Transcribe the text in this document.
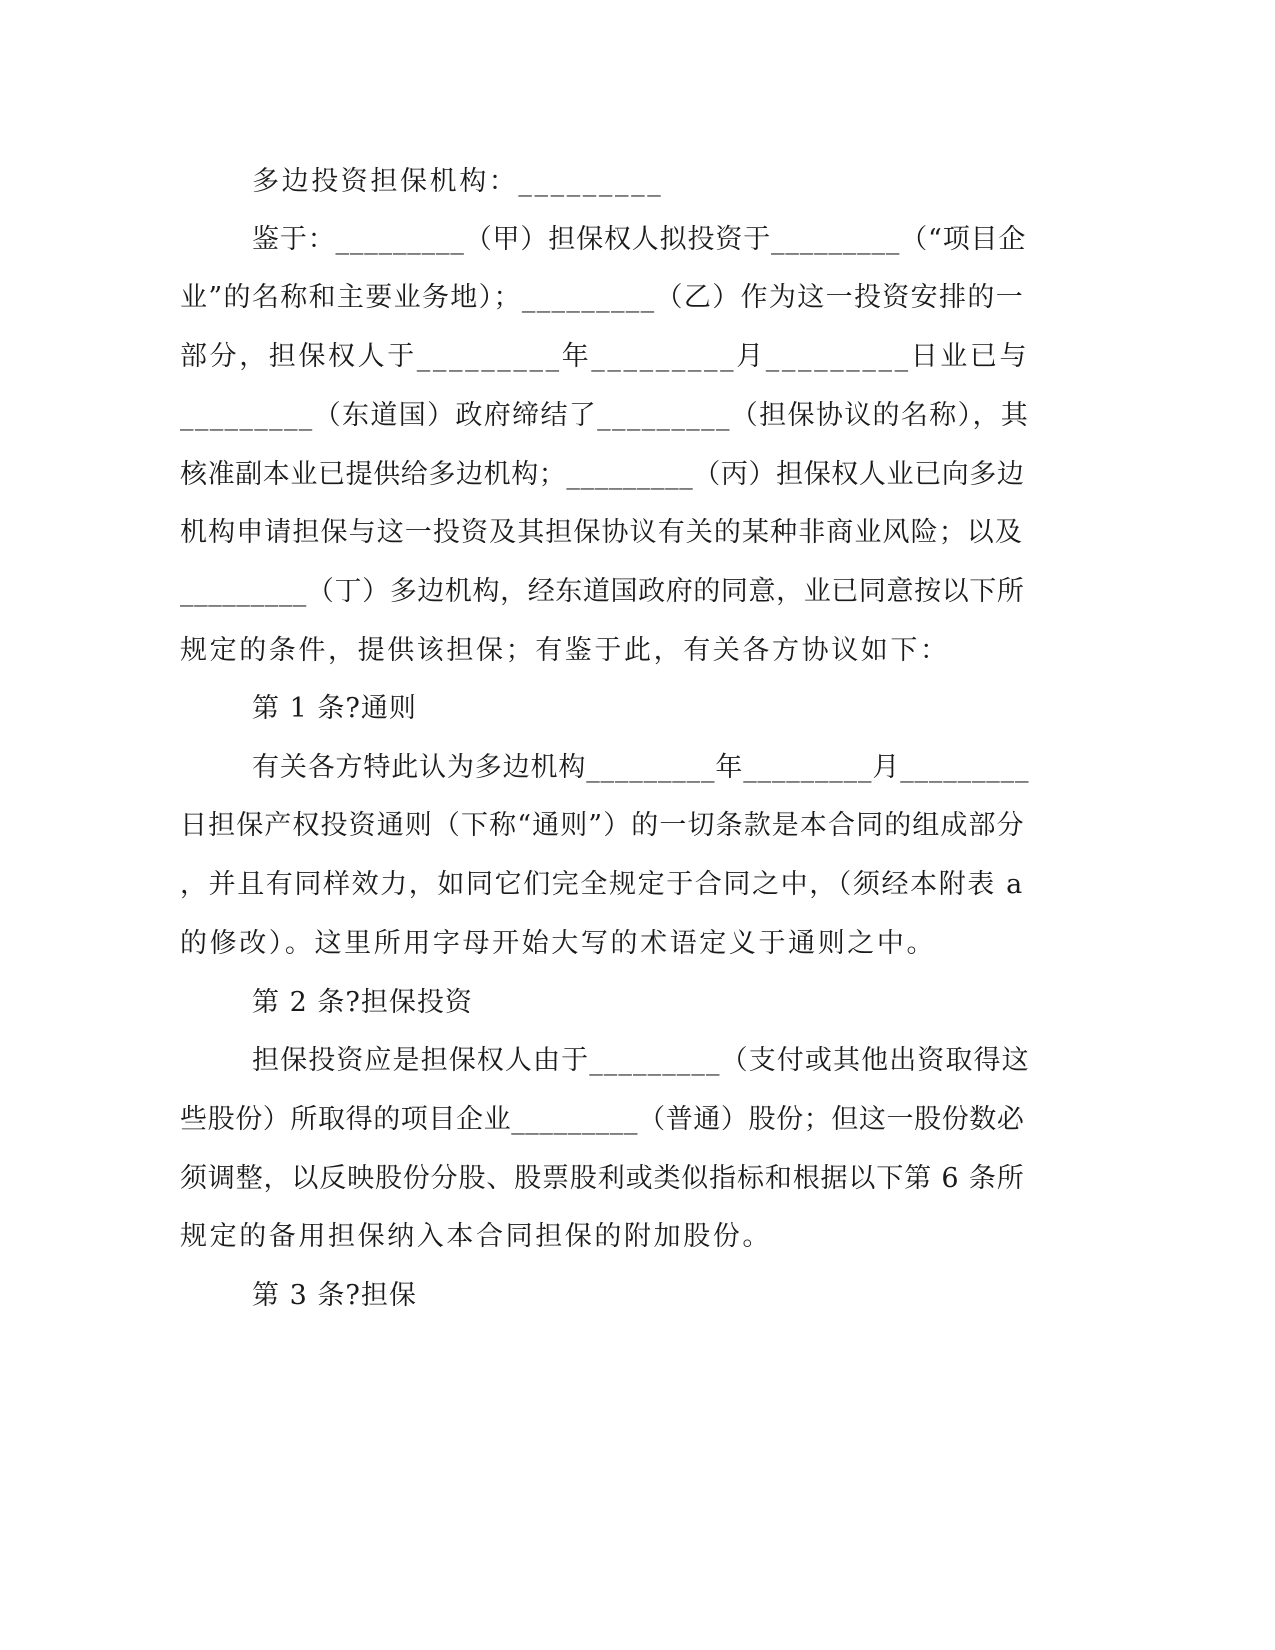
多边投资担保机构：_________
鉴于：_________（甲）担保权人拟投资于_________（“项目企
业”的名称和主要业务地）；_________（乙）作为这一投资安排的一
部分，担保权人于_________年_________月_________日业已与
_________（东道国）政府缔结了_________（担保协议的名称），其
核准副本业已提供给多边机构；_________（丙）担保权人业已向多边
机构申请担保与这一投资及其担保协议有关的某种非商业风险；以及
_________（丁）多边机构，经东道国政府的同意，业已同意按以下所
规定的条件，提供该担保；有鉴于此，有关各方协议如下：
第 1 条?通则
有关各方特此认为多边机构_________年_________月_________
日担保产权投资通则（下称“通则”）的一切条款是本合同的组成部分
，并且有同样效力，如同它们完全规定于合同之中，（须经本附表 a
的修改）。这里所用字母开始大写的术语定义于通则之中。
第 2 条?担保投资
担保投资应是担保权人由于_________（支付或其他出资取得这
些股份）所取得的项目企业_________（普通）股份；但这一股份数必
须调整，以反映股份分股、股票股利或类似指标和根据以下第 6 条所
规定的备用担保纳入本合同担保的附加股份。
第 3 条?担保
